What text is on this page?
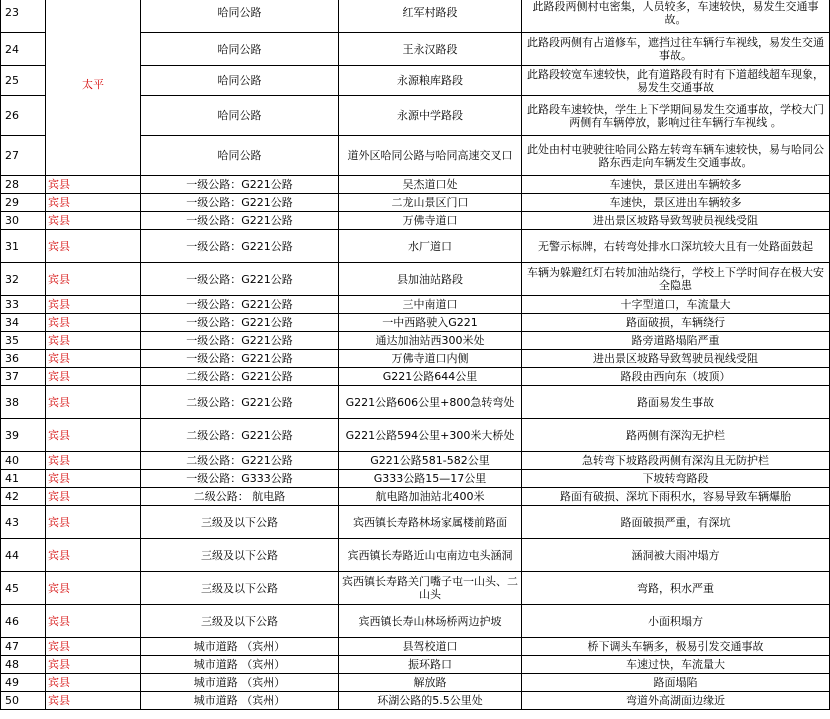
23	太平	哈同公路	红军村路段	此路段两侧村屯密集，人员较多，车速较快，易发生交通事故。
24		哈同公路	王永汉路段	此路段两侧有占道修车，遮挡过往车辆行车视线，易发生交通事故。
25		哈同公路	永源粮库路段	此路段较宽车速较快，此有道路段有时有下道超线超车现象，易发生交通事故
26		哈同公路	永源中学路段	此路段车速较快，学生上下学期间易发生交通事故，学校大门两侧有车辆停放，影响过往车辆行车视线 。
27		哈同公路	道外区哈同公路与哈同高速交叉口	此处由村屯驶驶往哈同公路左转弯车辆车速较快，易与哈同公路东西走向车辆发生交通事故。
28	宾县	一级公路：G221公路	吴杰道口处	车速快，景区进出车辆较多
29	宾县	一级公路：G221公路	二龙山景区门口	车速快，景区进出车辆较多
30	宾县	一级公路：G221公路	万佛寺道口	进出景区坡路导致驾驶员视线受阻
31	宾县	一级公路：G221公路	水厂道口	无警示标牌，右转弯处排水口深坑较大且有一处路面鼓起
32	宾县	一级公路：G221公路	县加油站路段	车辆为躲避红灯右转加油站绕行，学校上下学时间存在极大安全隐患
33	宾县	一级公路：G221公路	三中南道口	十字型道口，车流量大
34	宾县	一级公路：G221公路	一中西路驶入G221	路面破损，车辆绕行
35	宾县	一级公路：G221公路	通达加油站西300米处	路旁道路塌陷严重
36	宾县	一级公路：G221公路	万佛寺道口内侧	进出景区坡路导致驾驶员视线受阻
37	宾县	二级公路：G221公路	G221公路644公里	路段由西向东（坡顶）
38	宾县	二级公路：G221公路	G221公路606公里+800急转弯处	路面易发生事故
39	宾县	二级公路：G221公路	G221公路594公里+300米大桥处	路两侧有深沟无护栏
40	宾县	二级公路：G221公路	G221公路581-582公里	急转弯下坡路段两侧有深沟且无防护栏
41	宾县	一级公路：G333公路	G333公路15—17公里	下坡转弯路段
42	宾县	二级公路： 航电路	航电路加油站北400米	路面有破损、深坑下雨积水，容易导致车辆爆胎
43	宾县	三级及以下公路	宾西镇长寿路林场家属楼前路面	路面破损严重，有深坑
44	宾县	三级及以下公路	宾西镇长寿路近山屯南边屯头涵洞	涵洞被大雨冲塌方
45	宾县	三级及以下公路	宾西镇长寿路关门嘴子屯一山头、二山头	弯路，积水严重
46	宾县	三级及以下公路	宾西镇长寿山林场桥两边护坡	小面积塌方
47	宾县	城市道路 （宾州）	县驾校道口	桥下调头车辆多，极易引发交通事故
48	宾县	城市道路 （宾州）	振环路口	车速过快，车流量大
49	宾县	城市道路 （宾州）	解放路	路面塌陷
50	宾县	城市道路 （宾州）	环湖公路的5.5公里处	弯道外高湖面边缘近
